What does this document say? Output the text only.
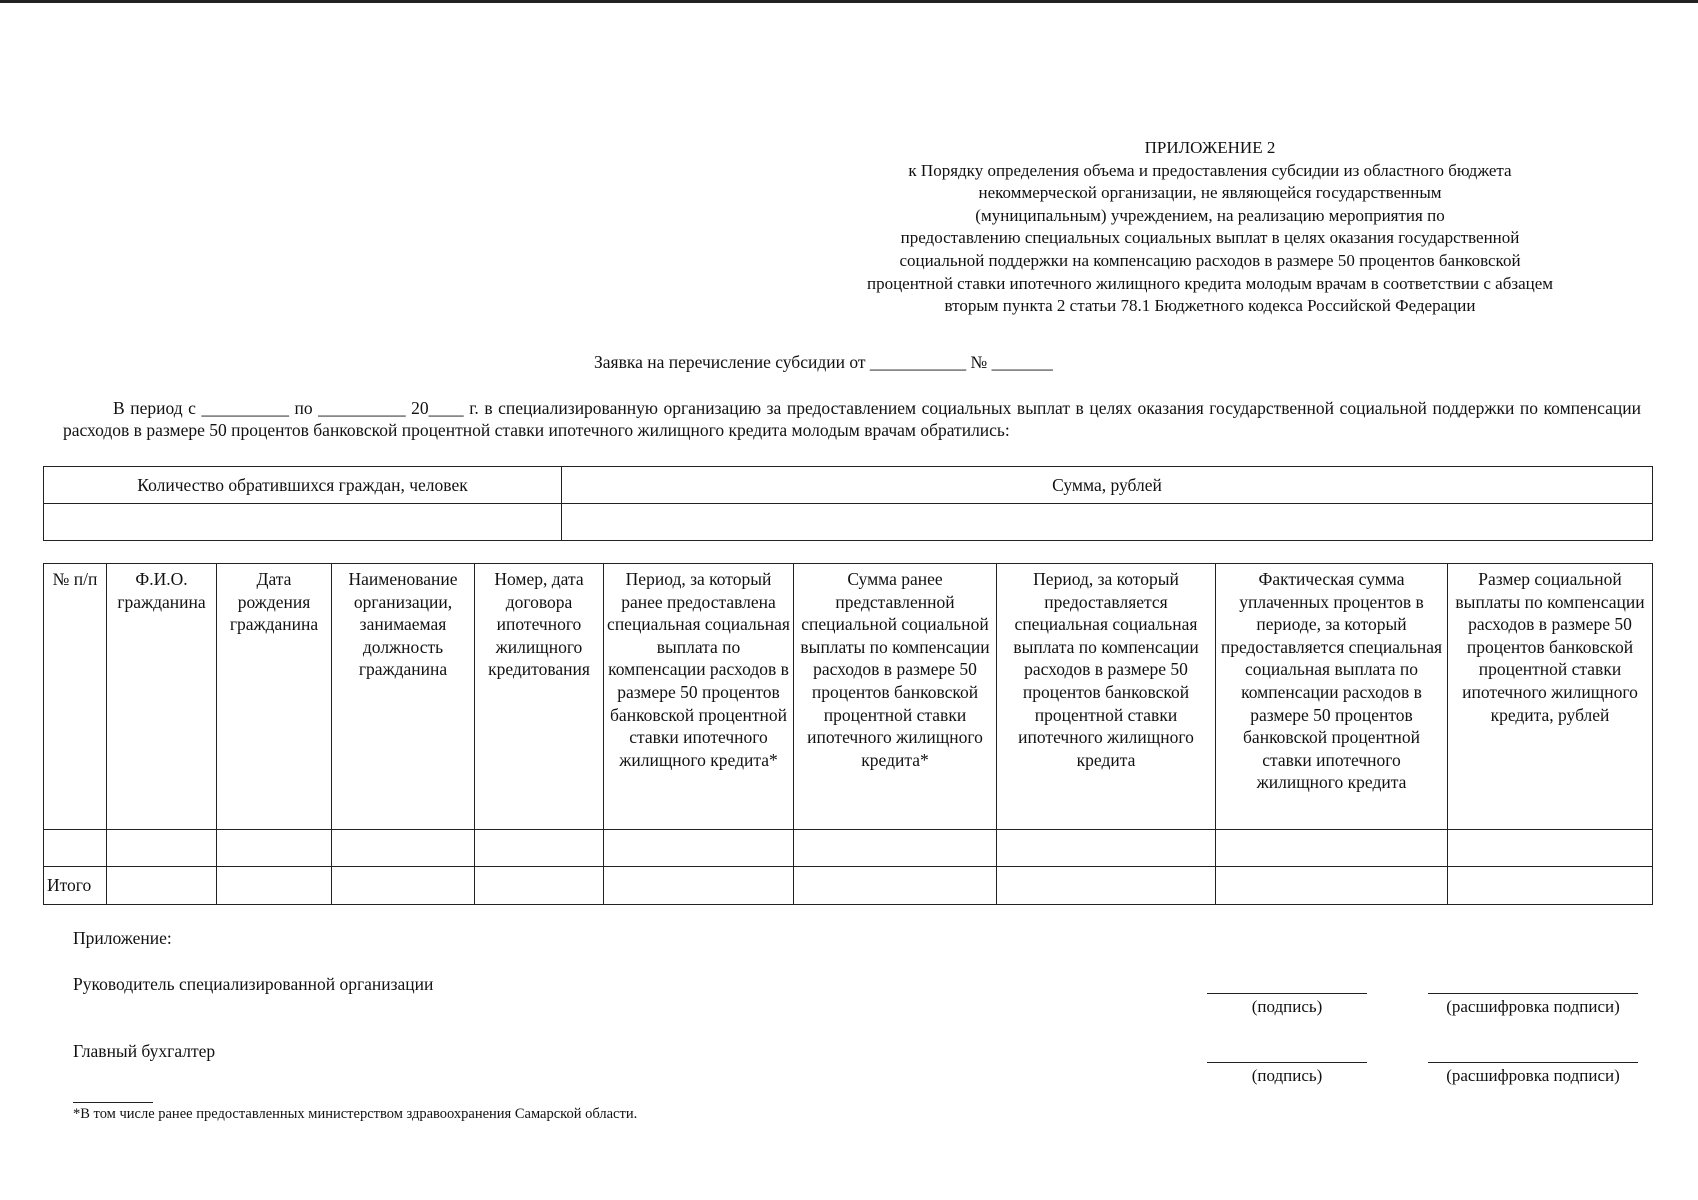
ПРИЛОЖЕНИЕ 2
к Порядку определения объема и предоставления субсидии из областного бюджета
некоммерческой организации, не являющейся государственным
(муниципальным) учреждением, на реализацию мероприятия по
предоставлению специальных социальных выплат в целях оказания государственной
социальной поддержки на компенсацию расходов в размере 50 процентов банковской
процентной ставки ипотечного жилищного кредита молодым врачам в соответствии с абзацем
вторым пункта 2 статьи 78.1 Бюджетного кодекса Российской Федерации
Заявка на перечисление субсидии от ___________ № _______
В период с __________ по __________ 20____ г. в специализированную организацию за предоставлением социальных выплат в целях оказания государственной социальной поддержки по компенсации расходов в размере 50 процентов банковской процентной ставки ипотечного жилищного кредита молодым врачам обратились:
Количество обратившихся граждан, человек	Сумма, рублей

№ п/п	Ф.И.О. гражданина	Дата рождения гражданина	Наименование организации, занимаемая должность гражданина	Номер, дата договора ипотечного жилищного кредитования	Период, за который ранее предоставлена специальная социальная выплата по компенсации расходов в размере 50 процентов банковской процентной ставки ипотечного жилищного кредита*	Сумма ранее представленной специальной социальной выплаты по компенсации расходов в размере 50 процентов банковской процентной ставки ипотечного жилищного кредита*	Период, за который предоставляется специальная социальная выплата по компенсации расходов в размере 50 процентов банковской процентной ставки ипотечного жилищного кредита	Фактическая сумма уплаченных процентов в периоде, за который предоставляется специальная социальная выплата по компенсации расходов в размере 50 процентов банковской процентной ставки ипотечного жилищного кредита	Размер социальной выплаты по компенсации расходов в размере 50 процентов банковской процентной ставки ипотечного жилищного кредита, рублей

Итого									
Приложение:
Руководитель специализированной организации
(подпись)	(расшифровка подписи)
Главный бухгалтер
(подпись)	(расшифровка подписи)
*В том числе ранее предоставленных министерством здравоохранения Самарской области.
